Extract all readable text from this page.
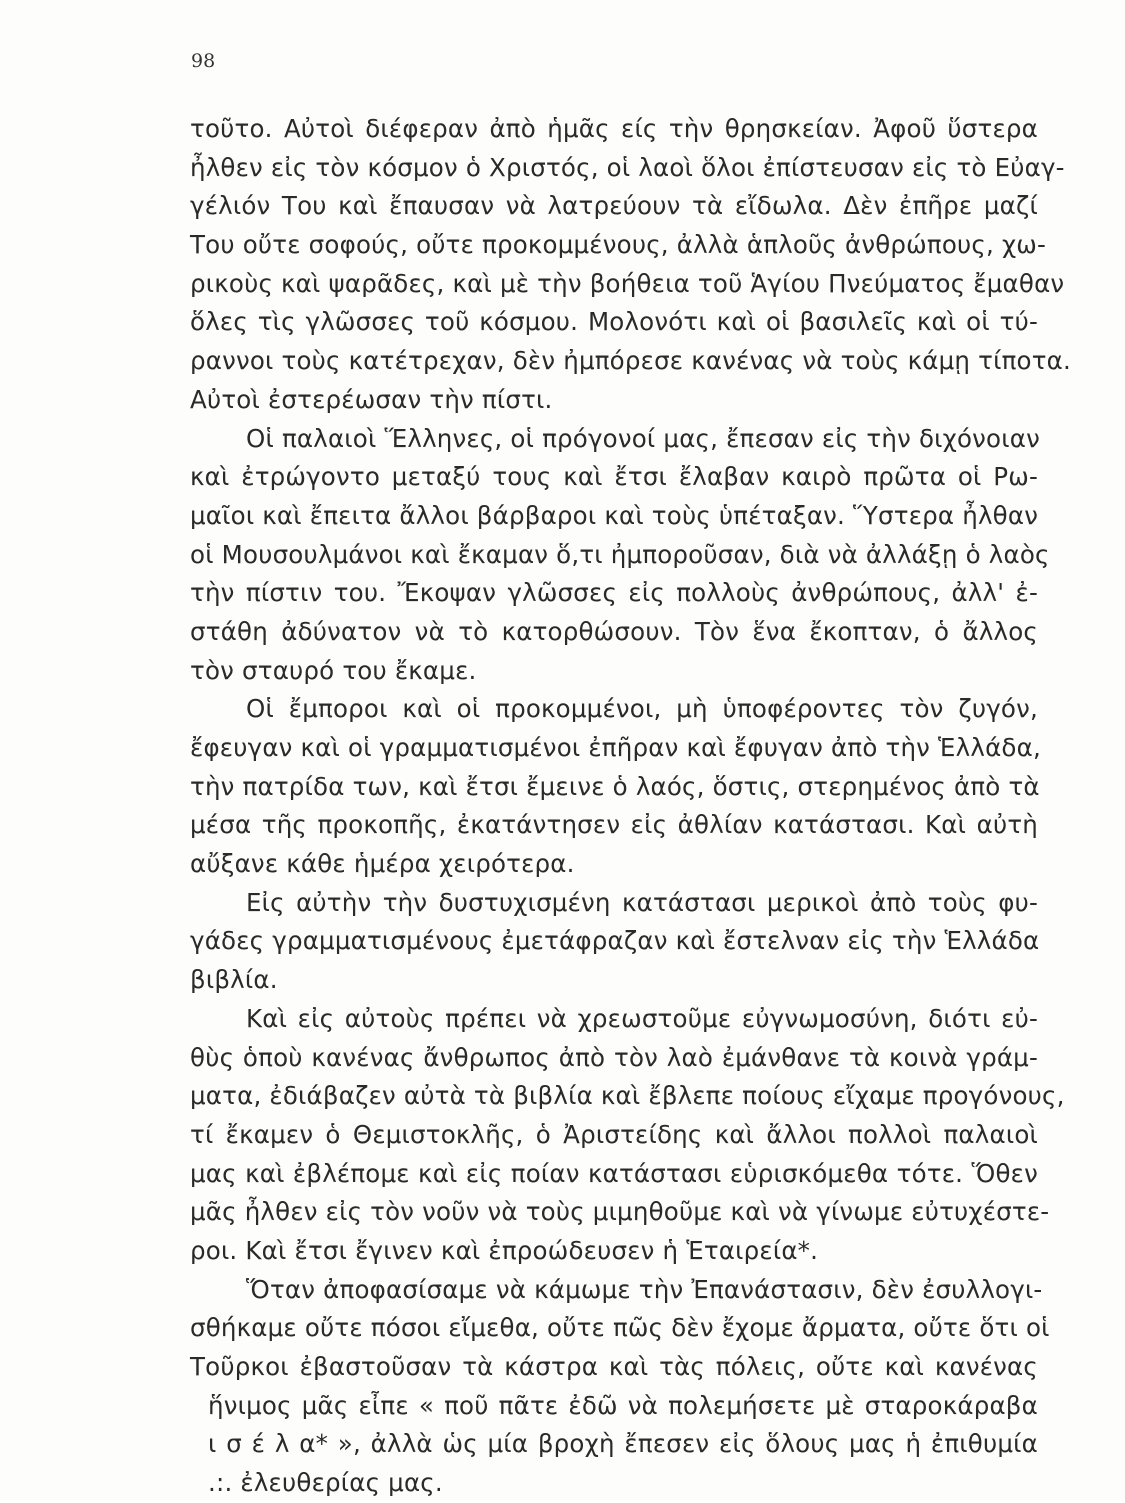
98
τοῦτο. Αὐτοὶ διέφεραν ἀπὸ ἡμᾶς είς τὴν θρησκείαν. Ἀφοῦ ὕστερα
ἦλθεν εἰς τὸν κόσμον ὁ Χριστός, οἱ λαοὶ ὅλοι ἐπίστευσαν εἰς τὸ Εὐαγ-
γέλιόν Του καὶ ἔπαυσαν νὰ λατρεύουν τὰ εἴδωλα. Δὲν ἐπῆρε μαζί
Του οὔτε σοφούς, οὔτε προκομμένους, ἀλλὰ ἁπλοῦς ἀνθρώπους, χω-
ρικοὺς καὶ ψαρᾶδες, καὶ μὲ τὴν βοήθεια τοῦ Ἁγίου Πνεύματος ἔμαθαν
ὅλες τὶς γλῶσσες τοῦ κόσμου. Μολονότι καὶ οἱ βασιλεῖς καὶ οἱ τύ-
ραννοι τοὺς κατέτρεχαν, δὲν ἠμπόρεσε κανένας νὰ τοὺς κάμῃ τίποτα.
Αὐτοὶ ἐστερέωσαν τὴν πίστι.
Οἱ παλαιοὶ Ἕλληνες, οἱ πρόγονοί μας, ἔπεσαν εἰς τὴν διχόνοιαν
καὶ ἐτρώγοντο μεταξύ τους καὶ ἔτσι ἔλαβαν καιρὸ πρῶτα οἱ Ρω-
μαῖοι καὶ ἔπειτα ἄλλοι βάρβαροι καὶ τοὺς ὑπέταξαν. Ὕστερα ἦλθαν
οἱ Μουσουλμάνοι καὶ ἔκαμαν ὅ,τι ἠμποροῦσαν, διὰ νὰ ἀλλάξῃ ὁ λαὸς
τὴν πίστιν του. Ἔκοψαν γλῶσσες εἰς πολλοὺς ἀνθρώπους, ἀλλ' ἐ-
στάθη ἀδύνατον νὰ τὸ κατορθώσουν. Τὸν ἕνα ἔκοπταν, ὁ ἄλλος
τὸν σταυρό του ἔκαμε.
Οἱ ἔμποροι καὶ οἱ προκομμένοι, μὴ ὑποφέροντες τὸν ζυγόν,
ἔφευγαν καὶ οἱ γραμματισμένοι ἐπῆραν καὶ ἔφυγαν ἀπὸ τὴν Ἑλλάδα,
τὴν πατρίδα των, καὶ ἔτσι ἔμεινε ὁ λαός, ὅστις, στερημένος ἀπὸ τὰ
μέσα τῆς προκοπῆς, ἐκατάντησεν εἰς ἀθλίαν κατάστασι. Καὶ αὐτὴ
αὔξανε κάθε ἡμέρα χειρότερα.
Εἰς αὐτὴν τὴν δυστυχισμένη κατάστασι μερικοὶ ἀπὸ τοὺς φυ-
γάδες γραμματισμένους ἐμετάφραζαν καὶ ἔστελναν εἰς τὴν Ἑλλάδα
βιβλία.
Καὶ εἰς αὐτοὺς πρέπει νὰ χρεωστοῦμε εὐγνωμοσύνη, διότι εὐ-
θὺς ὁποὺ κανένας ἄνθρωπος ἀπὸ τὸν λαὸ ἐμάνθανε τὰ κοινὰ γράμ-
ματα, ἐδιάβαζεν αὐτὰ τὰ βιβλία καὶ ἔβλεπε ποίους εἴχαμε προγόνους,
τί ἔκαμεν ὁ Θεμιστοκλῆς, ὁ Ἀριστείδης καὶ ἄλλοι πολλοὶ παλαιοὶ
μας καὶ ἐβλέπομε καὶ εἰς ποίαν κατάστασι εὑρισκόμεθα τότε. Ὅθεν
μᾶς ἦλθεν εἰς τὸν νοῦν νὰ τοὺς μιμηθοῦμε καὶ νὰ γίνωμε εὐτυχέστε-
ροι. Καὶ ἔτσι ἔγινεν καὶ ἐπροώδευσεν ἡ Ἑταιρεία*.
Ὅταν ἀποφασίσαμε νὰ κάμωμε τὴν Ἐπανάστασιν, δὲν ἐσυλλογι-
σθήκαμε οὔτε πόσοι εἴμεθα, οὔτε πῶς δὲν ἔχομε ἄρματα, οὔτε ὅτι οἱ
Τοῦρκοι ἐβαστοῦσαν τὰ κάστρα καὶ τὰς πόλεις, οὔτε καὶ κανένας
ἥνιμος μᾶς εἶπε « ποῦ πᾶτε ἐδῶ νὰ πολεμήσετε μὲ σταροκάραβα
ι σ έ λ α* », ἀλλὰ ὡς μία βροχὴ ἔπεσεν εἰς ὅλους μας ἡ ἐπιθυμία
.:. ἐλευθερίας μας.
